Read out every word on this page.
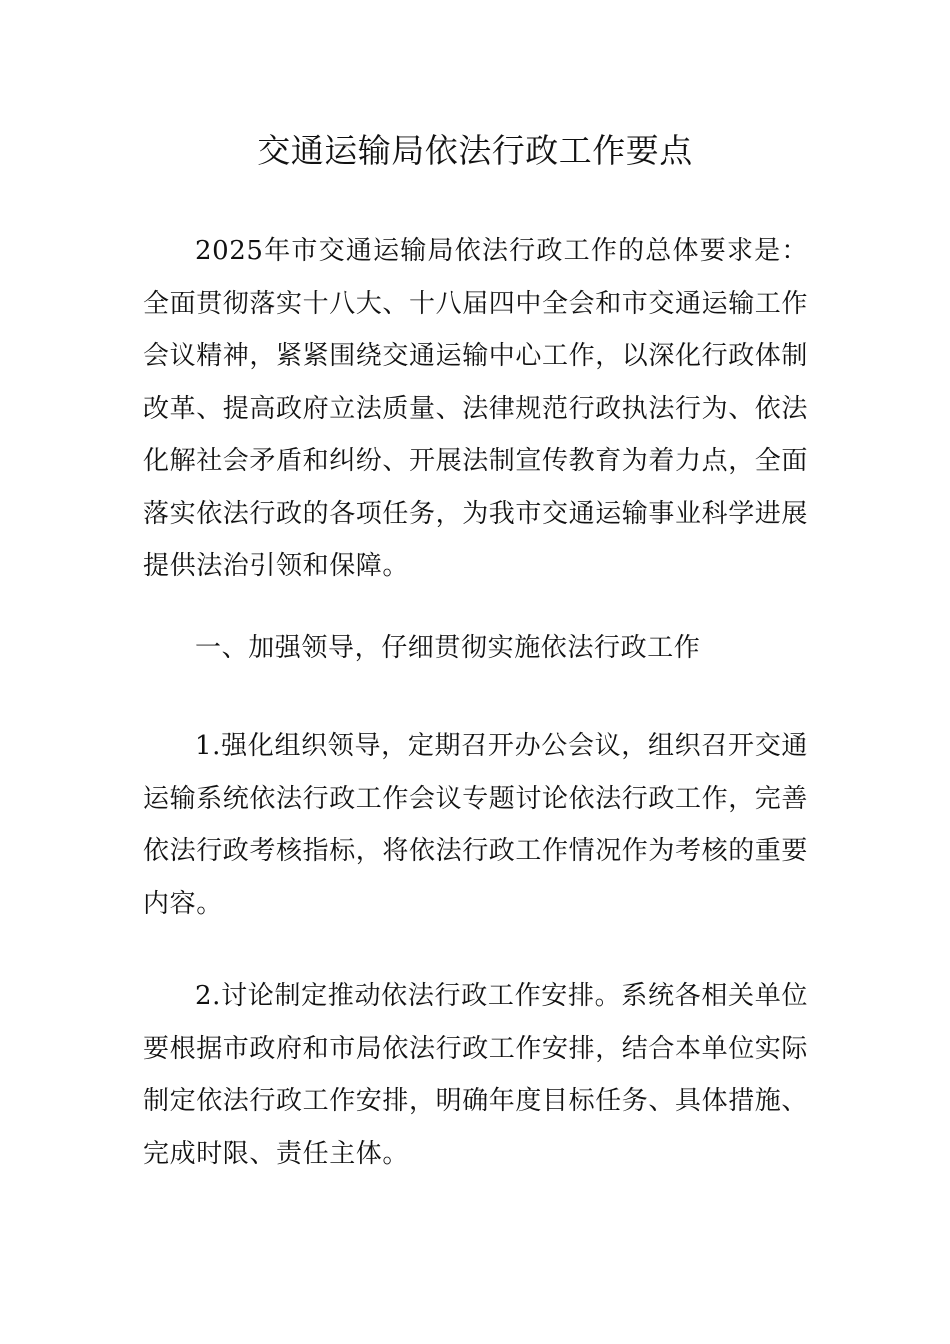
交通运输局依法行政工作要点

2025年市交通运输局依法行政工作的总体要求是：全面贯彻落实十八大、十八届四中全会和市交通运输工作会议精神，紧紧围绕交通运输中心工作，以深化行政体制改革、提高政府立法质量、法律规范行政执法行为、依法化解社会矛盾和纠纷、开展法制宣传教育为着力点，全面落实依法行政的各项任务，为我市交通运输事业科学进展提供法治引领和保障。

一、加强领导，仔细贯彻实施依法行政工作

1.强化组织领导，定期召开办公会议，组织召开交通运输系统依法行政工作会议专题讨论依法行政工作，完善依法行政考核指标，将依法行政工作情况作为考核的重要内容。

2.讨论制定推动依法行政工作安排。系统各相关单位要根据市政府和市局依法行政工作安排，结合本单位实际制定依法行政工作安排，明确年度目标任务、具体措施、完成时限、责任主体。
